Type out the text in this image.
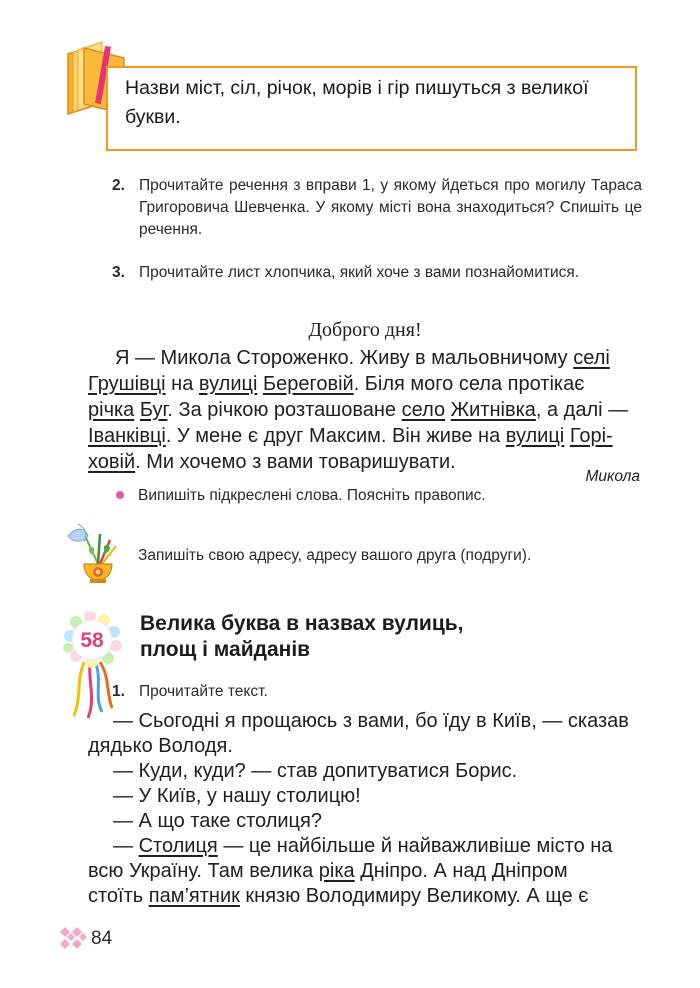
Назви міст, сіл, річок, морів і гір пишуться з великої букви.
2. Прочитайте речення з вправи 1, у якому йдеться про могилу Тараса Григоровича Шевченка. У якому місті вона знаходиться? Спишіть це речення.
3. Прочитайте лист хлопчика, який хоче з вами познайомитися.
Доброго дня!
Я — Микола Стороженко. Живу в мальовничому селі
Грушівці на вулиці Береговій. Біля мого села протікає
річка Буг. За річкою розташоване село Житнівка, а далі —
Іванківці. У мене є друг Максим. Він живе на вулиці Горі-
ховій. Ми хочемо з вами товаришувати.
Микола
Випишіть підкреслені слова. Поясніть правопис.
Запишіть свою адресу, адресу вашого друга (подруги).
58
Велика буква в назвах вулиць,
площ і майданів
1. Прочитайте текст.
— Сьогодні я прощаюсь з вами, бо їду в Київ, — сказав
дядько Володя.
— Куди, куди? — став допитуватися Борис.
— У Київ, у нашу столицю!
— А що таке столиця?
— Столиця — це найбільше й найважливіше місто на
всю Україну. Там велика ріка Дніпро. А над Дніпром
стоїть пам’ятник князю Володимиру Великому. А ще є
84
